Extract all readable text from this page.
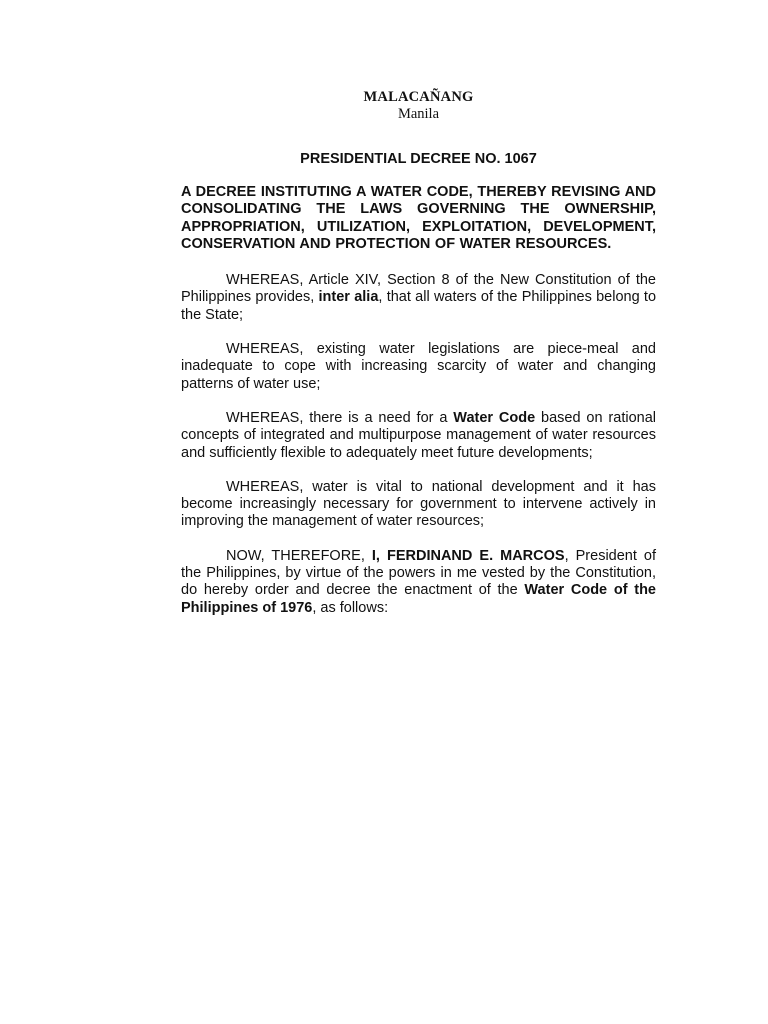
MALACAÑANG
Manila
PRESIDENTIAL DECREE NO. 1067
A DECREE INSTITUTING A WATER CODE, THEREBY REVISING AND CONSOLIDATING THE LAWS GOVERNING THE OWNERSHIP, APPROPRIATION, UTILIZATION, EXPLOITATION, DEVELOPMENT, CONSERVATION AND PROTECTION OF WATER RESOURCES.

WHEREAS, Article XIV, Section 8 of the New Constitution of the Philippines provides, inter alia, that all waters of the Philippines belong to the State;

WHEREAS, existing water legislations are piece-meal and inadequate to cope with increasing scarcity of water and changing patterns of water use;

WHEREAS, there is a need for a Water Code based on rational concepts of integrated and multipurpose management of water resources and sufficiently flexible to adequately meet future developments;

WHEREAS, water is vital to national development and it has become increasingly necessary for government to intervene actively in improving the management of water resources;

NOW, THEREFORE, I, FERDINAND E. MARCOS, President of the Philippines, by virtue of the powers in me vested by the Constitution, do hereby order and decree the enactment of the Water Code of the Philippines of 1976, as follows:
